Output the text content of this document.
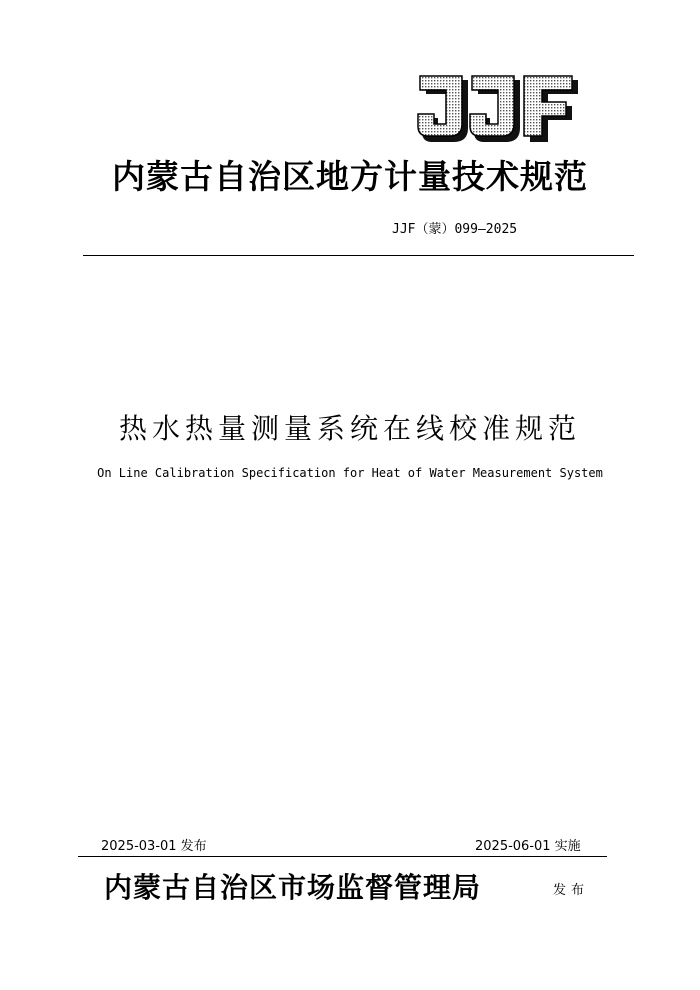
内蒙古自治区地方计量技术规范
JJF（蒙）099—2025
热水热量测量系统在线校准规范
On Line Calibration Specification for Heat of Water Measurement System
2025-03-01 发布	2025-06-01 实施
内蒙古自治区市场监督管理局	发布
